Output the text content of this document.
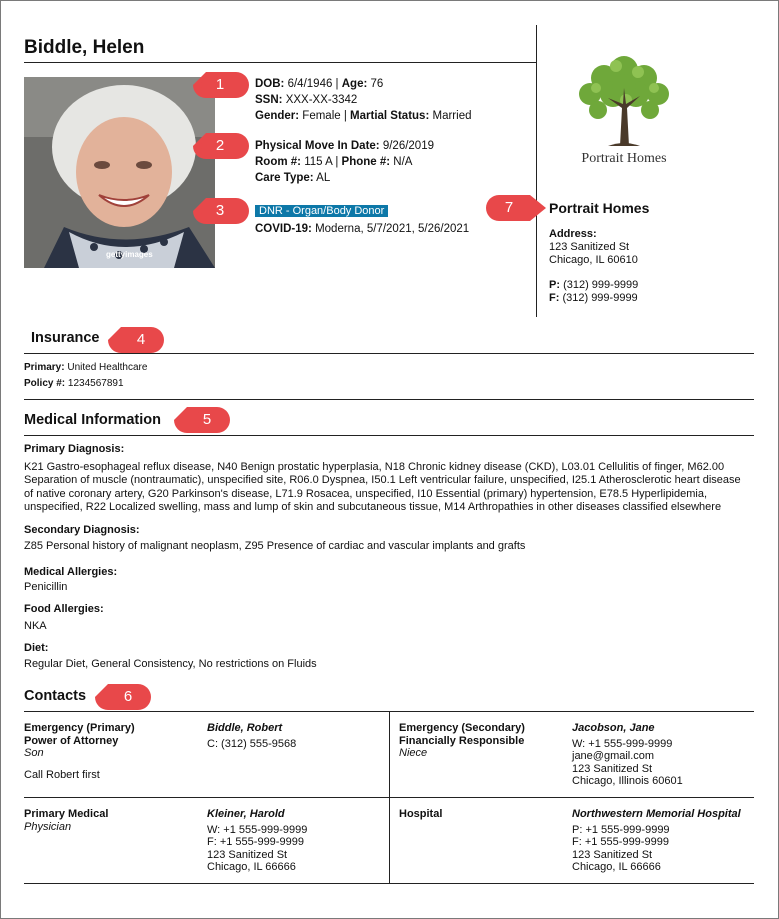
Biddle, Helen
gettyimages
DOB: 6/4/1946 | Age: 76
SSN: XXX-XX-3342
Gender: Female | Martial Status: Married
Physical Move In Date: 9/26/2019
Room #: 115 A | Phone #: N/A
Care Type: AL
DNR - Organ/Body Donor
COVID-19: Moderna, 5/7/2021, 5/26/2021
Portrait Homes
Portrait Homes
Address:
123 Sanitized St
Chicago, IL 60610
P: (312) 999-9999
F: (312) 999-9999
Insurance
Primary: United Healthcare
Policy #: 1234567891
Medical Information
Primary Diagnosis:
K21 Gastro-esophageal reflux disease, N40 Benign prostatic hyperplasia, N18 Chronic kidney disease (CKD), L03.01 Cellulitis of finger, M62.00 Separation of muscle (nontraumatic), unspecified site, R06.0 Dyspnea, I50.1 Left ventricular failure, unspecified, I25.1 Atherosclerotic heart disease of native coronary artery, G20 Parkinson's disease, L71.9 Rosacea, unspecified, I10 Essential (primary) hypertension, E78.5 Hyperlipidemia, unspecified, R22 Localized swelling, mass and lump of skin and subcutaneous tissue, M14 Arthropathies in other diseases classified elsewhere
Secondary Diagnosis:
Z85 Personal history of malignant neoplasm, Z95 Presence of cardiac and vascular implants and grafts
Medical Allergies:
Penicillin
Food Allergies:
NKA
Diet:
Regular Diet, General Consistency, No restrictions on Fluids
Contacts
Emergency (Primary)
Power of Attorney
Son
Call Robert first
Biddle, Robert
C: (312) 555-9568
Emergency (Secondary)
Financially Responsible
Niece
Jacobson, Jane
W: +1 555-999-9999
jane@gmail.com
123 Sanitized St
Chicago, Illinois 60601
Primary Medical
Physician
Kleiner, Harold
W: +1 555-999-9999
F: +1 555-999-9999
123 Sanitized St
Chicago, IL 66666
Hospital	Northwestern Memorial Hospital
P: +1 555-999-9999
F: +1 555-999-9999
123 Sanitized St
Chicago, IL 66666
1
2
3
4
5
6
7
